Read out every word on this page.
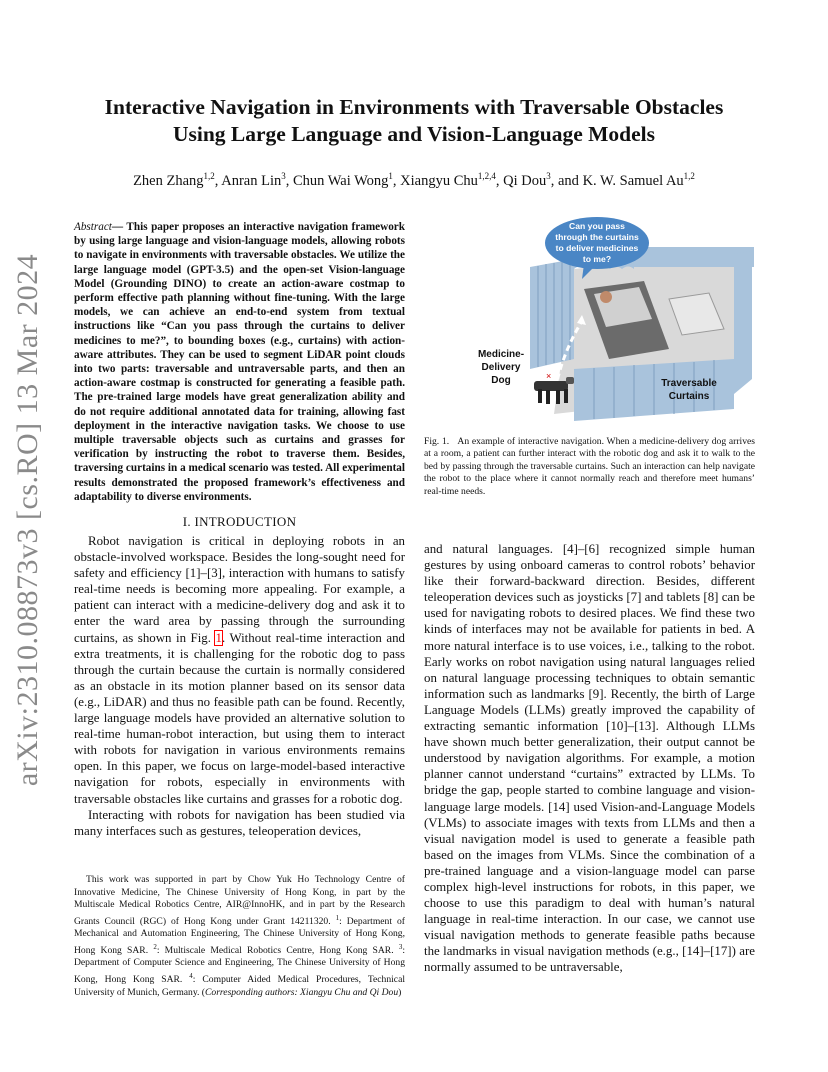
arXiv:2310.08873v3 [cs.RO] 13 Mar 2024
Interactive Navigation in Environments with Traversable Obstacles
Using Large Language and Vision-Language Models
Zhen Zhang$^{1,2}$, Anran Lin$^3$, Chun Wai Wong$^1$, Xiangyu Chu$^{1,2,4}$, Qi Dou$^3$, and K. W. Samuel Au$^{1,2}$
Abstract— This paper proposes an interactive navigation framework by using large language and vision-language models, allowing robots to navigate in environments with traversable obstacles. We utilize the large language model (GPT-3.5) and the open-set Vision-language Model (Grounding DINO) to create an action-aware costmap to perform effective path planning without fine-tuning. With the large models, we can achieve an end-to-end system from textual instructions like “Can you pass through the curtains to deliver medicines to me?”, to bounding boxes (e.g., curtains) with action-aware attributes. They can be used to segment LiDAR point clouds into two parts: traversable and untraversable parts, and then an action-aware costmap is constructed for generating a feasible path. The pre-trained large models have great generalization ability and do not require additional annotated data for training, allowing fast deployment in the interactive navigation tasks. We choose to use multiple traversable objects such as curtains and grasses for verification by instructing the robot to traverse them. Besides, traversing curtains in a medical scenario was tested. All experimental results demonstrated the proposed framework’s effectiveness and adaptability to diverse environments.
I. INTRODUCTION

Robot navigation is critical in deploying robots in an obstacle-involved workspace. Besides the long-sought need for safety and efficiency [1]–[3], interaction with humans to satisfy real-time needs is becoming more appealing. For example, a patient can interact with a medicine-delivery dog and ask it to enter the ward area by passing through the surrounding curtains, as shown in Fig. 1. Without real-time interaction and extra treatments, it is challenging for the robotic dog to pass through the curtain because the curtain is normally considered as an obstacle in its motion planner based on its sensor data (e.g., LiDAR) and thus no feasible path can be found. Recently, large language models have provided an alternative solution to real-time human-robot interaction, but using them to interact with robots for navigation in various environments remains open. In this paper, we focus on large-model-based interactive navigation for robots, especially in environments with traversable obstacles like curtains and grasses for a robotic dog.

Interacting with robots for navigation has been studied via many interfaces such as gestures, teleoperation devices,

This work was supported in part by Chow Yuk Ho Technology Centre of Innovative Medicine, The Chinese University of Hong Kong, in part by the Multiscale Medical Robotics Centre, AIR@InnoHK, and in part by the Research Grants Council (RGC) of Hong Kong under Grant 14211320. $^1$: Department of Mechanical and Automation Engineering, The Chinese University of Hong Kong, Hong Kong SAR. $^2$: Multiscale Medical Robotics Centre, Hong Kong SAR. $^3$: Department of Computer Science and Engineering, The Chinese University of Hong Kong, Hong Kong SAR. $^4$: Computer Aided Medical Procedures, Technical University of Munich, Germany. (Corresponding authors: Xiangyu Chu and Qi Dou)

×
Can you pass
through the curtains
to deliver medicines
to me?
Medicine-
Delivery
Dog	Traversable
Curtains
Fig. 1. An example of interactive navigation. When a medicine-delivery dog arrives at a room, a patient can further interact with the robotic dog and ask it to walk to the bed by passing through the traversable curtains. Such an interaction can help navigate the robot to the place where it cannot normally reach and therefore meet humans’ real-time needs.

and natural languages. [4]–[6] recognized simple human gestures by using onboard cameras to control robots’ behavior like their forward-backward direction. Besides, different teleoperation devices such as joysticks [7] and tablets [8] can be used for navigating robots to desired places. We find these two kinds of interfaces may not be available for patients in bed. A more natural interface is to use voices, i.e., talking to the robot. Early works on robot navigation using natural languages relied on natural language processing techniques to obtain semantic information such as landmarks [9]. Recently, the birth of Large Language Models (LLMs) greatly improved the capability of extracting semantic information [10]–[13]. Although LLMs have shown much better generalization, their output cannot be understood by navigation algorithms. For example, a motion planner cannot understand “curtains” extracted by LLMs. To bridge the gap, people started to combine language and vision-language large models. [14] used Vision-and-Language Models (VLMs) to associate images with texts from LLMs and then a visual navigation model is used to generate a feasible path based on the images from VLMs. Since the combination of a pre-trained language and a vision-language model can parse complex high-level instructions for robots, in this paper, we choose to use this paradigm to deal with human’s natural language in real-time interaction. In our case, we cannot use visual navigation methods to generate feasible paths because the landmarks in visual navigation methods (e.g., [14]–[17]) are normally assumed to be untraversable,
